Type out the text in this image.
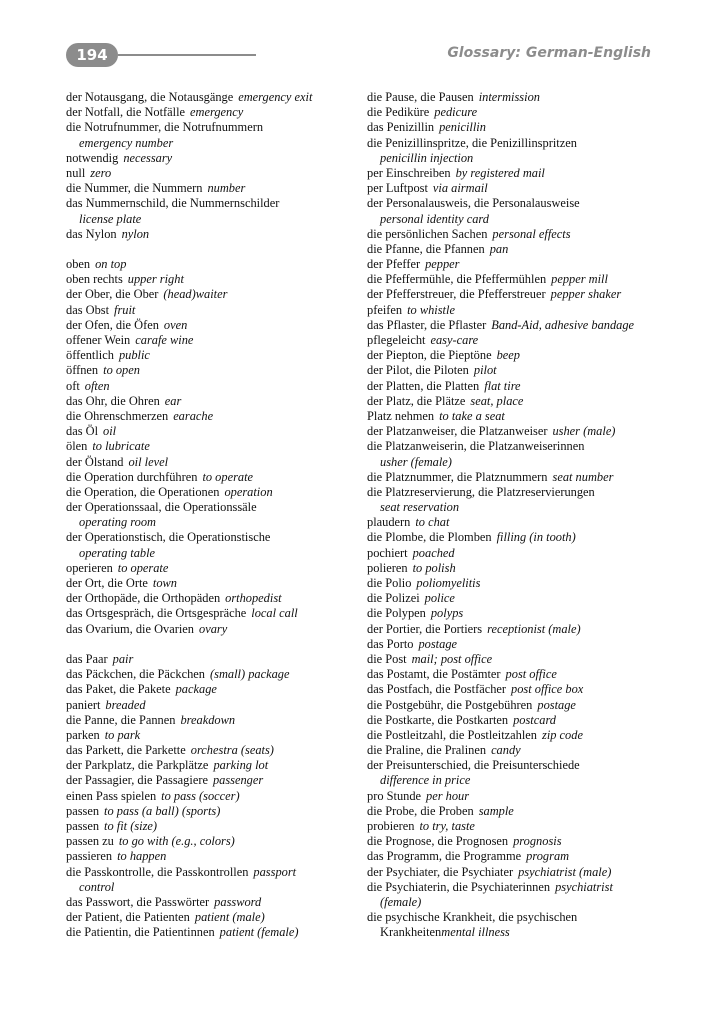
194	Glossary: German-English
der Notausgang, die Notausgänge emergency exit
der Notfall, die Notfälle emergency
die Notrufnummer, die Notrufnummern
emergency number
notwendig necessary
null zero
die Nummer, die Nummern number
das Nummernschild, die Nummernschilder
license plate
das Nylon nylon
oben on top
oben rechts upper right
der Ober, die Ober (head)waiter
das Obst fruit
der Ofen, die Öfen oven
offener Wein carafe wine
öffentlich public
öffnen to open
oft often
das Ohr, die Ohren ear
die Ohrenschmerzen earache
das Öl oil
ölen to lubricate
der Ölstand oil level
die Operation durchführen to operate
die Operation, die Operationen operation
der Operationssaal, die Operationssäle
operating room
der Operationstisch, die Operationstische
operating table
operieren to operate
der Ort, die Orte town
der Orthopäde, die Orthopäden orthopedist
das Ortsgespräch, die Ortsgespräche local call
das Ovarium, die Ovarien ovary
das Paar pair
das Päckchen, die Päckchen (small) package
das Paket, die Pakete package
paniert breaded
die Panne, die Pannen breakdown
parken to park
das Parkett, die Parkette orchestra (seats)
der Parkplatz, die Parkplätze parking lot
der Passagier, die Passagiere passenger
einen Pass spielen to pass (soccer)
passen to pass (a ball) (sports)
passen to fit (size)
passen zu to go with (e.g., colors)
passieren to happen
die Passkontrolle, die Passkontrollen passport
control
das Passwort, die Passwörter password
der Patient, die Patienten patient (male)
die Patientin, die Patientinnen patient (female)
die Pause, die Pausen intermission
die Pediküre pedicure
das Penizillin penicillin
die Penizillinspritze, die Penizillinspritzen
penicillin injection
per Einschreiben by registered mail
per Luftpost via airmail
der Personalausweis, die Personalausweise
personal identity card
die persönlichen Sachen personal effects
die Pfanne, die Pfannen pan
der Pfeffer pepper
die Pfeffermühle, die Pfeffermühlen pepper mill
der Pfefferstreuer, die Pfefferstreuer pepper shaker
pfeifen to whistle
das Pflaster, die Pflaster Band-Aid, adhesive bandage
pflegeleicht easy-care
der Piepton, die Pieptöne beep
der Pilot, die Piloten pilot
der Platten, die Platten flat tire
der Platz, die Plätze seat, place
Platz nehmen to take a seat
der Platzanweiser, die Platzanweiser usher (male)
die Platzanweiserin, die Platzanweiserinnen
usher (female)
die Platznummer, die Platznummern seat number
die Platzreservierung, die Platzreservierungen
seat reservation
plaudern to chat
die Plombe, die Plomben filling (in tooth)
pochiert poached
polieren to polish
die Polio poliomyelitis
die Polizei police
die Polypen polyps
der Portier, die Portiers receptionist (male)
das Porto postage
die Post mail; post office
das Postamt, die Postämter post office
das Postfach, die Postfächer post office box
die Postgebühr, die Postgebühren postage
die Postkarte, die Postkarten postcard
die Postleitzahl, die Postleitzahlen zip code
die Praline, die Pralinen candy
der Preisunterschied, die Preisunterschiede
difference in price
pro Stunde per hour
die Probe, die Proben sample
probieren to try, taste
die Prognose, die Prognosen prognosis
das Programm, die Programme program
der Psychiater, die Psychiater psychiatrist (male)
die Psychiaterin, die Psychiaterinnen psychiatrist
(female)
die psychische Krankheit, die psychischen
Krankheitenmental illness
